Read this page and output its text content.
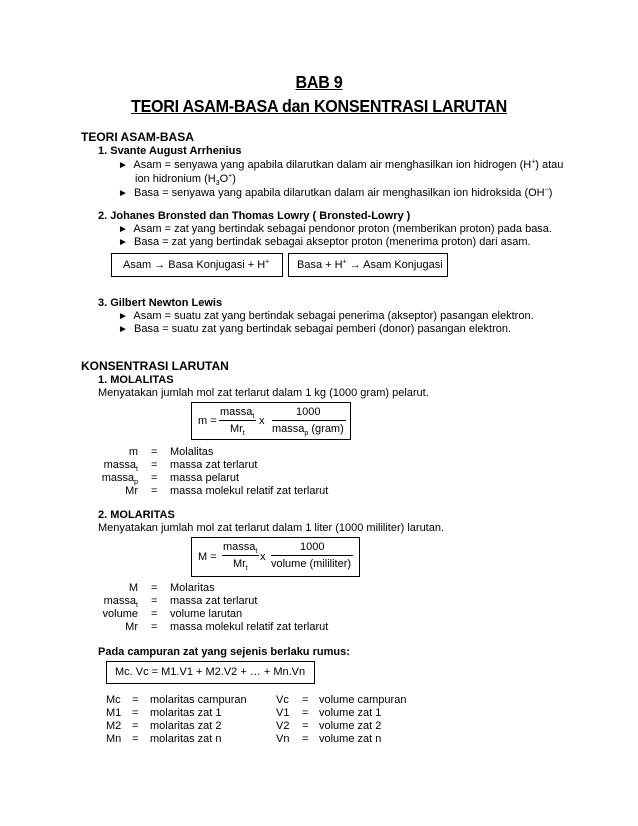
BAB 9
TEORI ASAM-BASA dan KONSENTRASI LARUTAN
TEORI ASAM-BASA
1. Svante August Arrhenius
► Asam = senyawa yang apabila dilarutkan dalam air menghasilkan ion hidrogen (H+) atau
ion hidronium $(H_3O^+)$
► Basa = senyawa yang apabila dilarutkan dalam air menghasilkan ion hidroksida (OH−)
2. Johanes Bronsted dan Thomas Lowry ( Bronsted-Lowry )
► Asam = zat yang bertindak sebagai pendonor proton (memberikan proton) pada basa.
► Basa = zat yang bertindak sebagai akseptor proton (menerima proton) dari asam.
Asam → Basa Konjugasi + H+	Basa + H+ → Asam Konjugasi
3. Gilbert Newton Lewis
► Asam = suatu zat yang bertindak sebagai penerima (akseptor) pasangan elektron.
► Basa = suatu zat yang bertindak sebagai pemberi (donor) pasangan elektron.
KONSENTRASI LARUTAN
1. MOLALITAS
Menyatakan jumlah mol zat terlarut dalam 1 kg (1000 gram) pelarut.
m =
massa$_t$
$Mr_t$
x
1000
massa$_p$ (gram)
m = Molalitas
massa$_t$ = massa zat terlarut
massa$_p$ = massa pelarut
Mr = massa molekul relatif zat terlarut
2. MOLARITAS
Menyatakan jumlah mol zat terlarut dalam 1 liter (1000 mililiter) larutan.
M =
massa$_t$
$Mr_t$
x
1000
volume (mililiter)
M = Molaritas
massa$_t$ = massa zat terlarut
volume = volume larutan
Mr = massa molekul relatif zat terlarut
Pada campuran zat yang sejenis berlaku rumus:
Mc. Vc = M1.V1 + M2.V2 + … + Mn.Vn
Mc = molaritas campuran
M1 = molaritas zat 1
M2 = molaritas zat 2
Mn = molaritas zat n
Vc = volume campuran
V1 = volume zat 1
V2 = volume zat 2
Vn = volume zat n
